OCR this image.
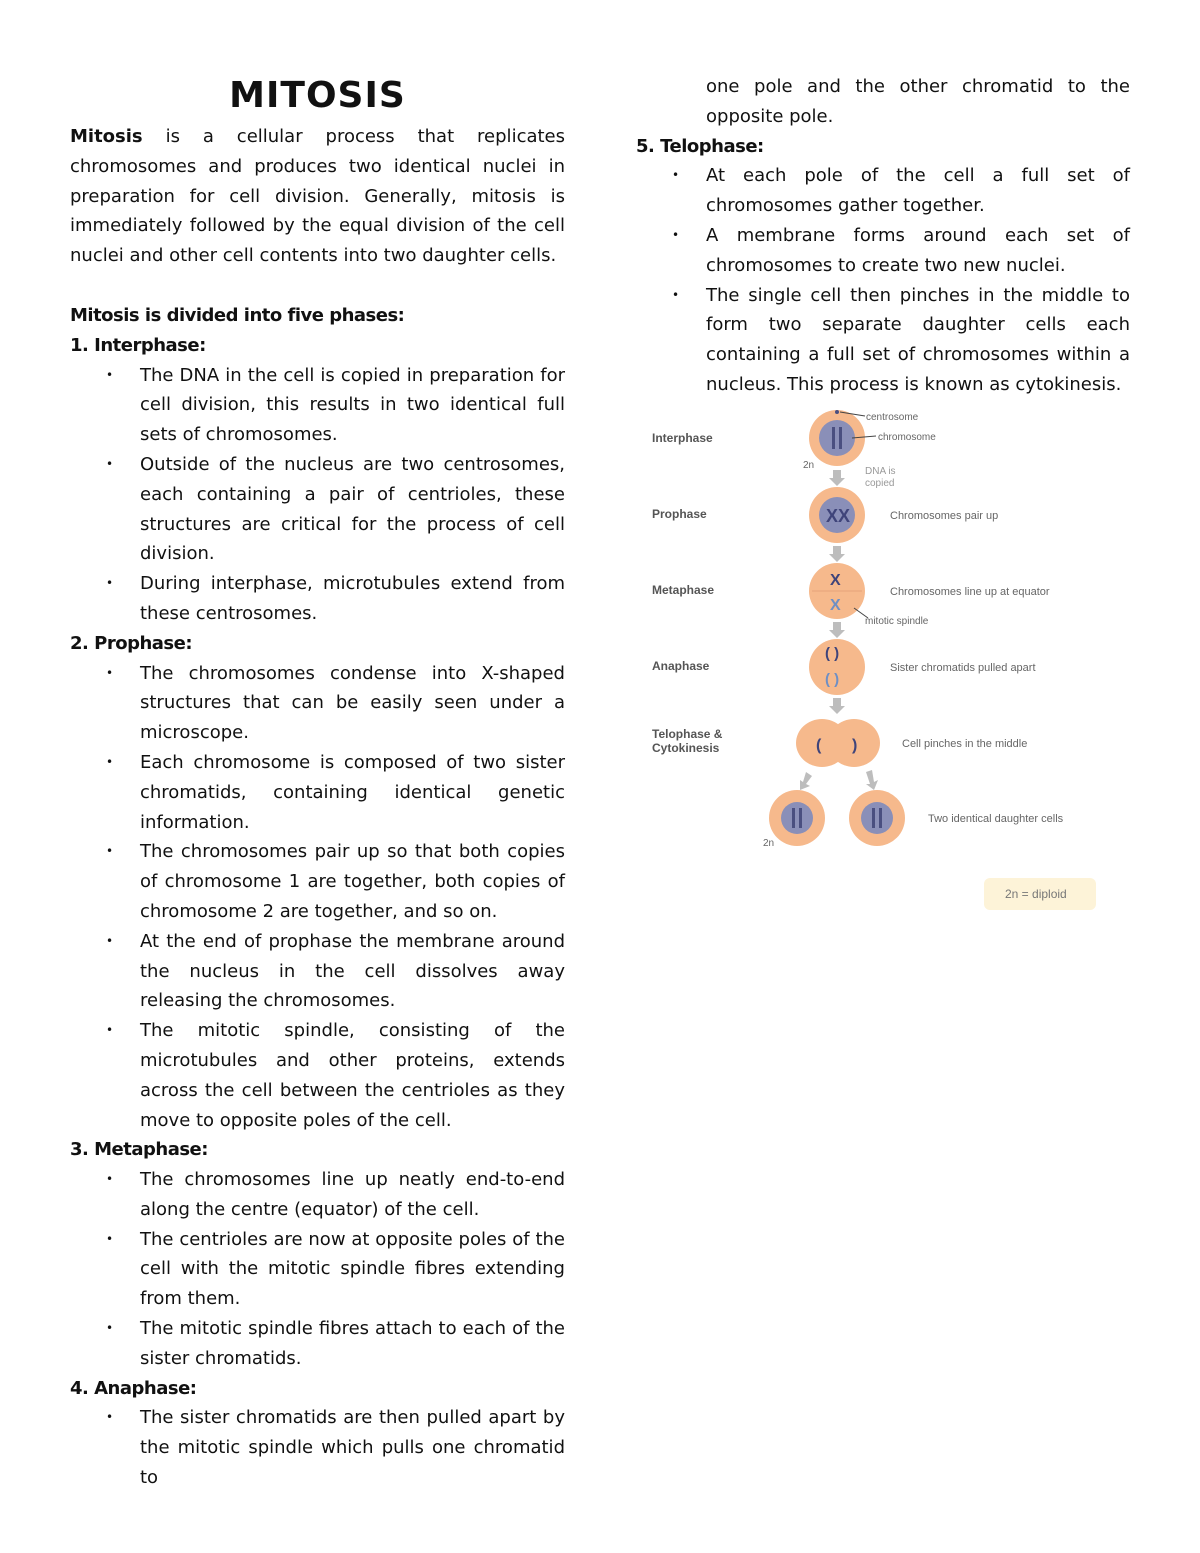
MITOSIS

Mitosis is a cellular process that replicates chromosomes and produces two identical nuclei in preparation for cell division. Generally, mitosis is immediately followed by the equal division of the cell nuclei and other cell contents into two daughter cells.

Mitosis is divided into five phases:

1. Interphase:

• The DNA in the cell is copied in preparation for cell division, this results in two identical full sets of chromosomes.
• Outside of the nucleus are two centrosomes, each containing a pair of centrioles, these structures are critical for the process of cell division.
• During interphase, microtubules extend from these centrosomes.

2. Prophase:

• The chromosomes condense into X-shaped structures that can be easily seen under a microscope.
• Each chromosome is composed of two sister chromatids, containing identical genetic information.
• The chromosomes pair up so that both copies of chromosome 1 are together, both copies of chromosome 2 are together, and so on.
• At the end of prophase the membrane around the nucleus in the cell dissolves away releasing the chromosomes.
• The mitotic spindle, consisting of the microtubules and other proteins, extends across the cell between the centrioles as they move to opposite poles of the cell.

3. Metaphase:

• The chromosomes line up neatly end-to-end along the centre (equator) of the cell.
• The centrioles are now at opposite poles of the cell with the mitotic spindle fibres extending from them.
• The mitotic spindle fibres attach to each of the sister chromatids.

4. Anaphase:

• The sister chromatids are then pulled apart by the mitotic spindle which pulls one chromatid to

one pole and the other chromatid to the opposite pole.

5. Telophase:

• At each pole of the cell a full set of chromosomes gather together.
• A membrane forms around each set of chromosomes to create two new nuclei.
• The single cell then pinches in the middle to form two separate daughter cells each containing a full set of chromosomes within a nucleus. This process is known as cytokinesis.
Interphase
Prophase
Metaphase
Anaphase
Telophase &
Cytokinesis
centrosome
chromosome
2n
DNA is
copied
XX	Chromosomes pair up
X
X
Chromosomes line up at equator
mitotic spindle
( )
( )
Sister chromatids pulled apart
( )	Cell pinches in the middle
Two identical daughter cells
2n
2n = diploid
